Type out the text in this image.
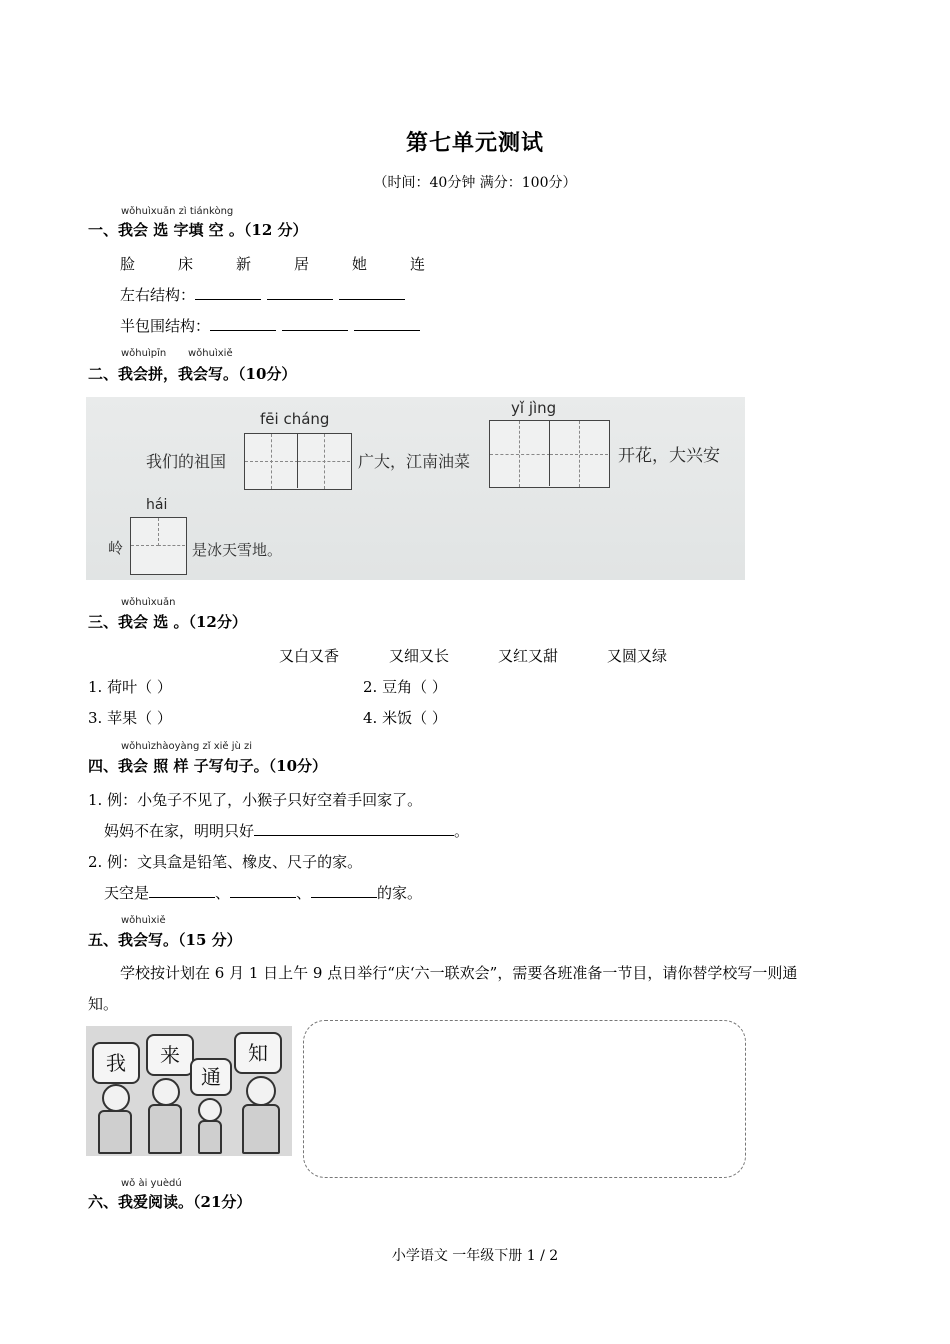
第七单元测试
（时间：40分钟 满分：100分）
wǒhuìxuǎn zì tiánkòng
一、我会 选 字填 空 。（12 分）
脸	床	新	居	她	连
左右结构：
半包围结构：
wǒhuìpīn wǒhuìxiě
二、我会拼，我会写。（10分）
fēi cháng
我们的祖国	广大，江南油菜
yǐ jìng
开花，大兴安
hái
岭	是冰天雪地。
wǒhuìxuǎn
三、我会 选 。（12分）
又白又香	又细又长	又红又甜	又圆又绿
1. 荷叶（ ）	2. 豆角（ ）
3. 苹果（ ）	4. 米饭（ ）
wǒhuìzhàoyàng zǐ xiě jù zi
四、我会 照 样 子写句子。（10分）
1. 例：小兔子不见了，小猴子只好空着手回家了。
妈妈不在家，明明只好	。
2. 例：文具盒是铅笔、橡皮、尺子的家。
天空是	、	、	的家。
wǒhuìxiě
五、我会写。（15 分）
学校按计划在 6 月 1 日上午 9 点日举行“庆‘六一联欢会”，需要各班准备一节目，请你替学校写一则通
知。
我	来
通
知
wǒ ài yuèdú
六、我爱阅读。（21分）
小学语文 一年级下册 1 / 2
